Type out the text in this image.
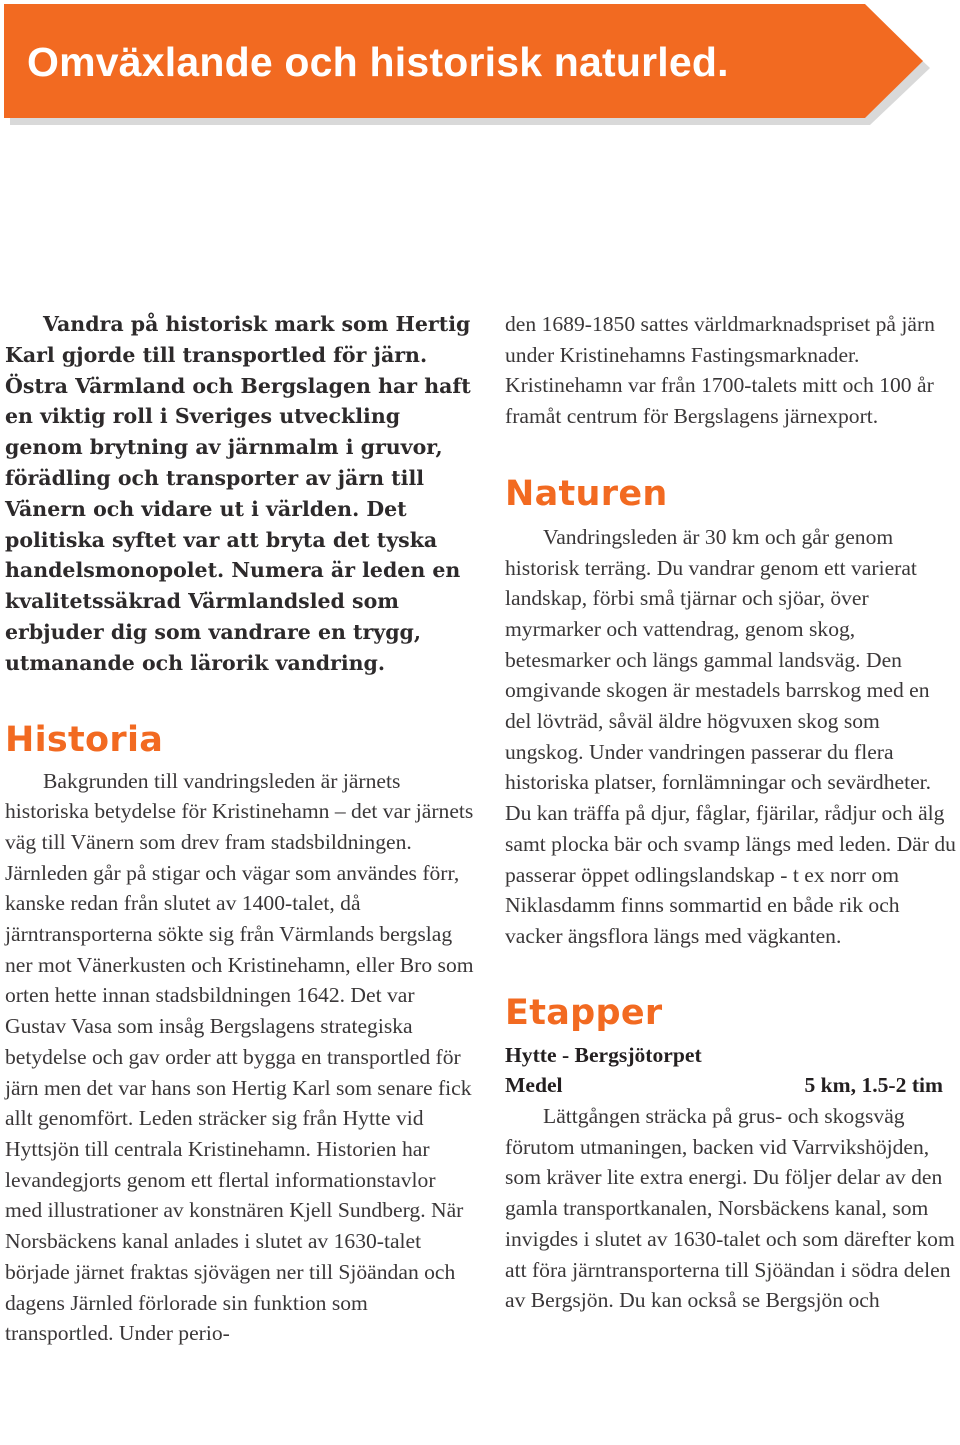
Omväxlande och historisk naturled.

Vandra på historisk mark som Hertig Karl gjorde till transportled för järn. Östra Värmland och Bergslagen har haft en viktig roll i Sveriges utveckling genom brytning av järnmalm i gruvor, förädling och transporter av järn till Vänern och vidare ut i världen. Det politiska syftet var att bryta det tyska handelsmonopolet. Numera är leden en kvalitetssäkrad Värmlandsled som erbjuder dig som vandrare en trygg, utmanande och lärorik vandring.

Historia

Bakgrunden till vandringsleden är järnets historiska betydelse för Kristinehamn – det var järnets väg till Vänern som drev fram stadsbildningen. Järnleden går på stigar och vägar som användes förr, kanske redan från slutet av 1400-talet, då järntransporterna sökte sig från Värmlands bergslag ner mot Vänerkusten och Kristinehamn, eller Bro som orten hette innan stadsbildningen 1642. Det var Gustav Vasa som insåg Bergslagens strategiska betydelse och gav order att bygga en transportled för järn men det var hans son Hertig Karl som senare fick allt genomfört. Leden sträcker sig från Hytte vid Hyttsjön till centrala Kristinehamn. Historien har levandegjorts genom ett flertal informationstavlor med illustrationer av konstnären Kjell Sundberg. När Norsbäckens kanal anlades i slutet av 1630-talet började järnet fraktas sjövägen ner till Sjöändan och dagens Järnled förlorade sin funktion som transportled. Under perio-

den 1689-1850 sattes världmarknadspriset på järn under Kristinehamns Fastingsmarknader. Kristinehamn var från 1700-talets mitt och 100 år framåt centrum för Bergslagens järnexport.

Naturen

Vandringsleden är 30 km och går genom historisk terräng. Du vandrar genom ett varierat landskap, förbi små tjärnar och sjöar, över myrmarker och vattendrag, genom skog, betesmarker och längs gammal landsväg. Den omgivande skogen är mestadels barrskog med en del lövträd, såväl äldre högvuxen skog som ungskog. Under vandringen passerar du flera historiska platser, fornlämningar och sevärdheter. Du kan träffa på djur, fåglar, fjärilar, rådjur och älg samt plocka bär och svamp längs med leden. Där du passerar öppet odlingslandskap - t ex norr om Niklasdamm finns sommartid en både rik och vacker ängsflora längs med vägkanten.

Etapper

Hytte - Bergsjötorpet

Medel	5 km, 1.5-2 tim

Lättgången sträcka på grus- och skogsväg förutom utmaningen, backen vid Varrvikshöjden, som kräver lite extra energi. Du följer delar av den gamla transportkanalen, Norsbäckens kanal, som invigdes i slutet av 1630-talet och som därefter kom att föra järntransporterna till Sjöändan i södra delen av Bergsjön. Du kan också se Bergsjön och
